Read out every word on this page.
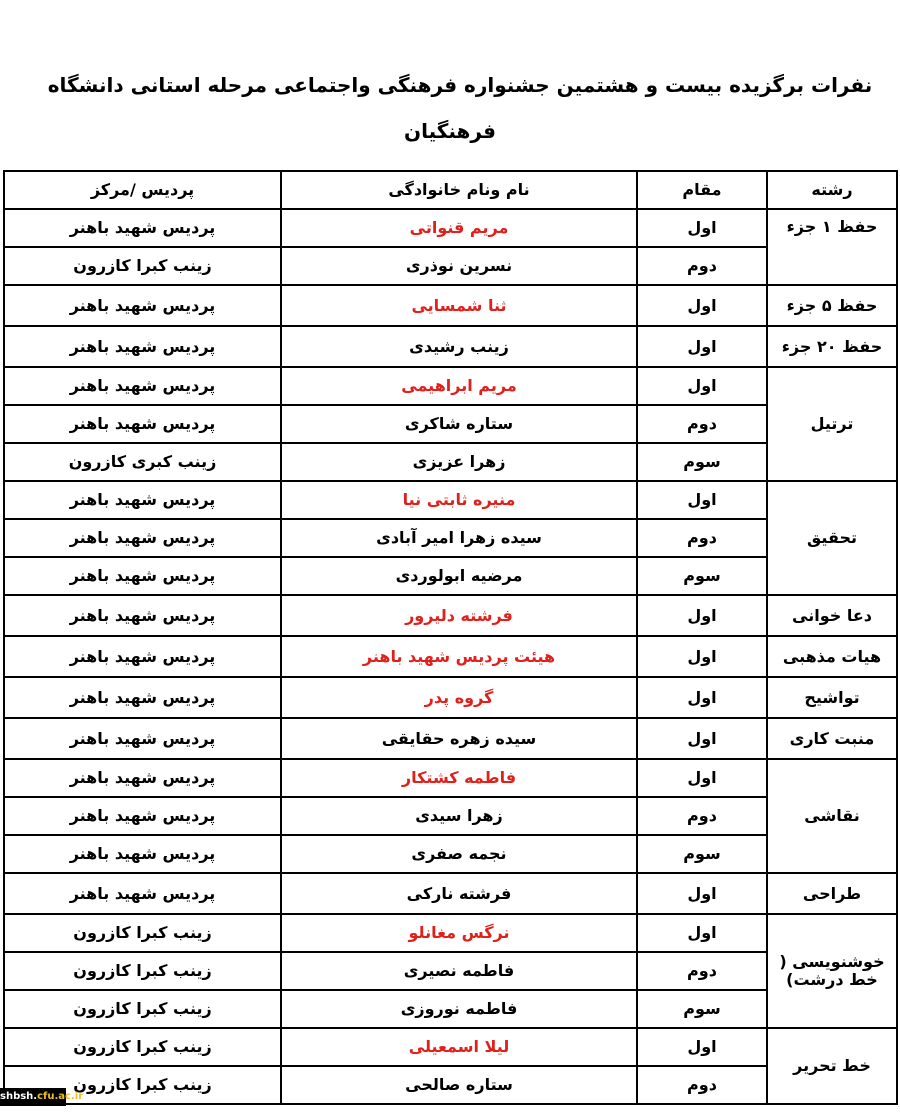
نفرات برگزیده بیست و هشتمین جشنواره فرهنگی واجتماعی مرحله استانی دانشگاه
فرهنگیان
رشته	مقام	نام ونام خانوادگی	پردیس /مرکز
حفظ ۱ جزء	اول	مریم قنواتی	پردیس شهید باهنر
	دوم	نسرین نوذری	زینب کبرا کازرون
حفظ ۵ جزء	اول	ثنا شمسایی	پردیس شهید باهنر
حفظ ۲۰ جزء	اول	زینب رشیدی	پردیس شهید باهنر
ترتیل	اول	مریم ابراهیمی	پردیس شهید باهنر
	دوم	ستاره شاکری	پردیس شهید باهنر
	سوم	زهرا عزیزی	زینب کبری کازرون
تحقیق	اول	منیره ثابتی نیا	پردیس شهید باهنر
	دوم	سیده زهرا امیر آبادی	پردیس شهید باهنر
	سوم	مرضیه ابولوردی	پردیس شهید باهنر
دعا خوانی	اول	فرشته دلیرور	پردیس شهید باهنر
هیات مذهبی	اول	هیئت پردیس شهید باهنر	پردیس شهید باهنر
تواشیح	اول	گروه پدر	پردیس شهید باهنر
منبت کاری	اول	سیده زهره حقایقی	پردیس شهید باهنر
نقاشی	اول	فاطمه کشتکار	پردیس شهید باهنر
	دوم	زهرا سیدی	پردیس شهید باهنر
	سوم	نجمه صفری	پردیس شهید باهنر
طراحی	اول	فرشته نارکی	پردیس شهید باهنر
خوشنویسی ( خط درشت)	اول	نرگس مغانلو	زینب کبرا کازرون
	دوم	فاطمه نصیری	زینب کبرا کازرون
	سوم	فاطمه نوروزی	زینب کبرا کازرون
خط تحریر	اول	لیلا اسمعیلی	زینب کبرا کازرون
	دوم	ستاره صالحی	زینب کبرا کازرون
shbsh.cfu.ac.ir
